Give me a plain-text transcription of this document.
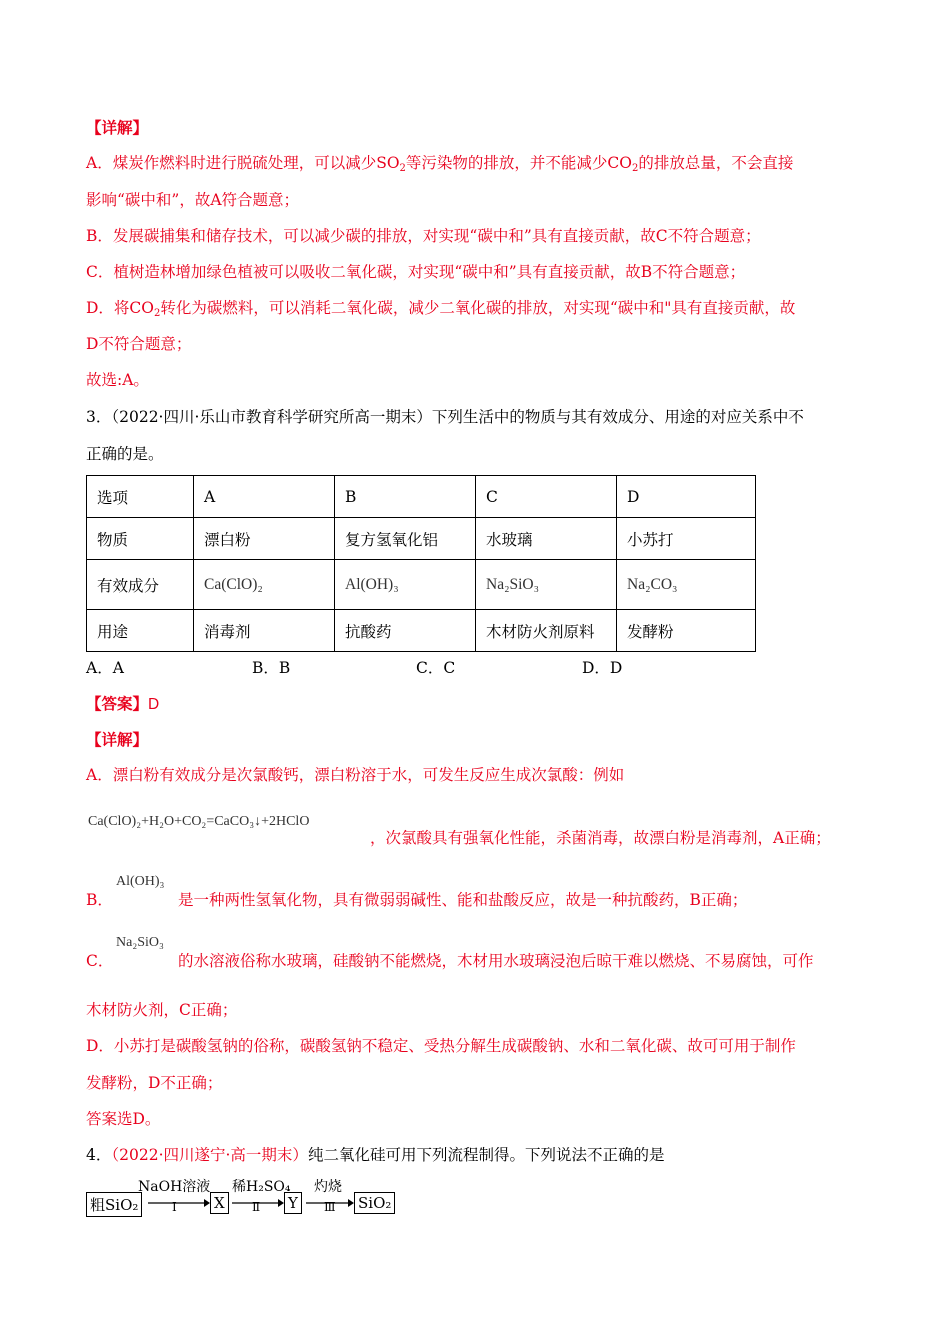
【详解】
A．煤炭作燃料时进行脱硫处理，可以减少$SO_2$等污染物的排放，并不能减少$CO_2$的排放总量，不会直接
影响“碳中和”，故A符合题意；
B．发展碳捕集和储存技术，可以减少碳的排放，对实现“碳中和”具有直接贡献，故C不符合题意；
C．植树造林增加绿色植被可以吸收二氧化碳，对实现“碳中和”具有直接贡献，故B不符合题意；
D．将$CO_2$转化为碳燃料，可以消耗二氧化碳，减少二氧化碳的排放，对实现“碳中和"具有直接贡献，故
D不符合题意；
故选:A。
3．（2022·四川·乐山市教育科学研究所高一期末）下列生活中的物质与其有效成分、用途的对应关系中不
正确的是。
选项	A	B	C	D
物质	漂白粉	复方氢氧化铝	水玻璃	小苏打
有效成分	Ca(ClO)₂	Al(OH)₃	Na₂SiO₃	Na₂CO₃
用途	消毒剂	抗酸药	木材防火剂原料	发酵粉
A．A	B．B	C．C	D．D
【答案】D
【详解】
A．漂白粉有效成分是次氯酸钙，漂白粉溶于水，可发生反应生成次氯酸：例如
Ca(ClO)₂+H₂O+CO₂=CaCO₃↓+2HClO
，次氯酸具有强氧化性能，杀菌消毒，故漂白粉是消毒剂，A正确；
B．
Al(OH)₃
是一种两性氢氧化物，具有微弱弱碱性、能和盐酸反应，故是一种抗酸药，B正确；
C．
Na₂SiO₃
的水溶液俗称水玻璃，硅酸钠不能燃烧，木材用水玻璃浸泡后晾干难以燃烧、不易腐蚀，可作
木材防火剂，C正确；
D．小苏打是碳酸氢钠的俗称，碳酸氢钠不稳定、受热分解生成碳酸钠、水和二氧化碳、故可可用于制作
发酵粉，D不正确；
答案选D。
4．（2022·四川遂宁·高一期末）纯二氧化硅可用下列流程制得。下列说法不正确的是
粗SiO₂
NaOH溶液
Ⅰ X
稀H₂SO₄
Ⅱ Y
灼烧
Ⅲ SiO₂
